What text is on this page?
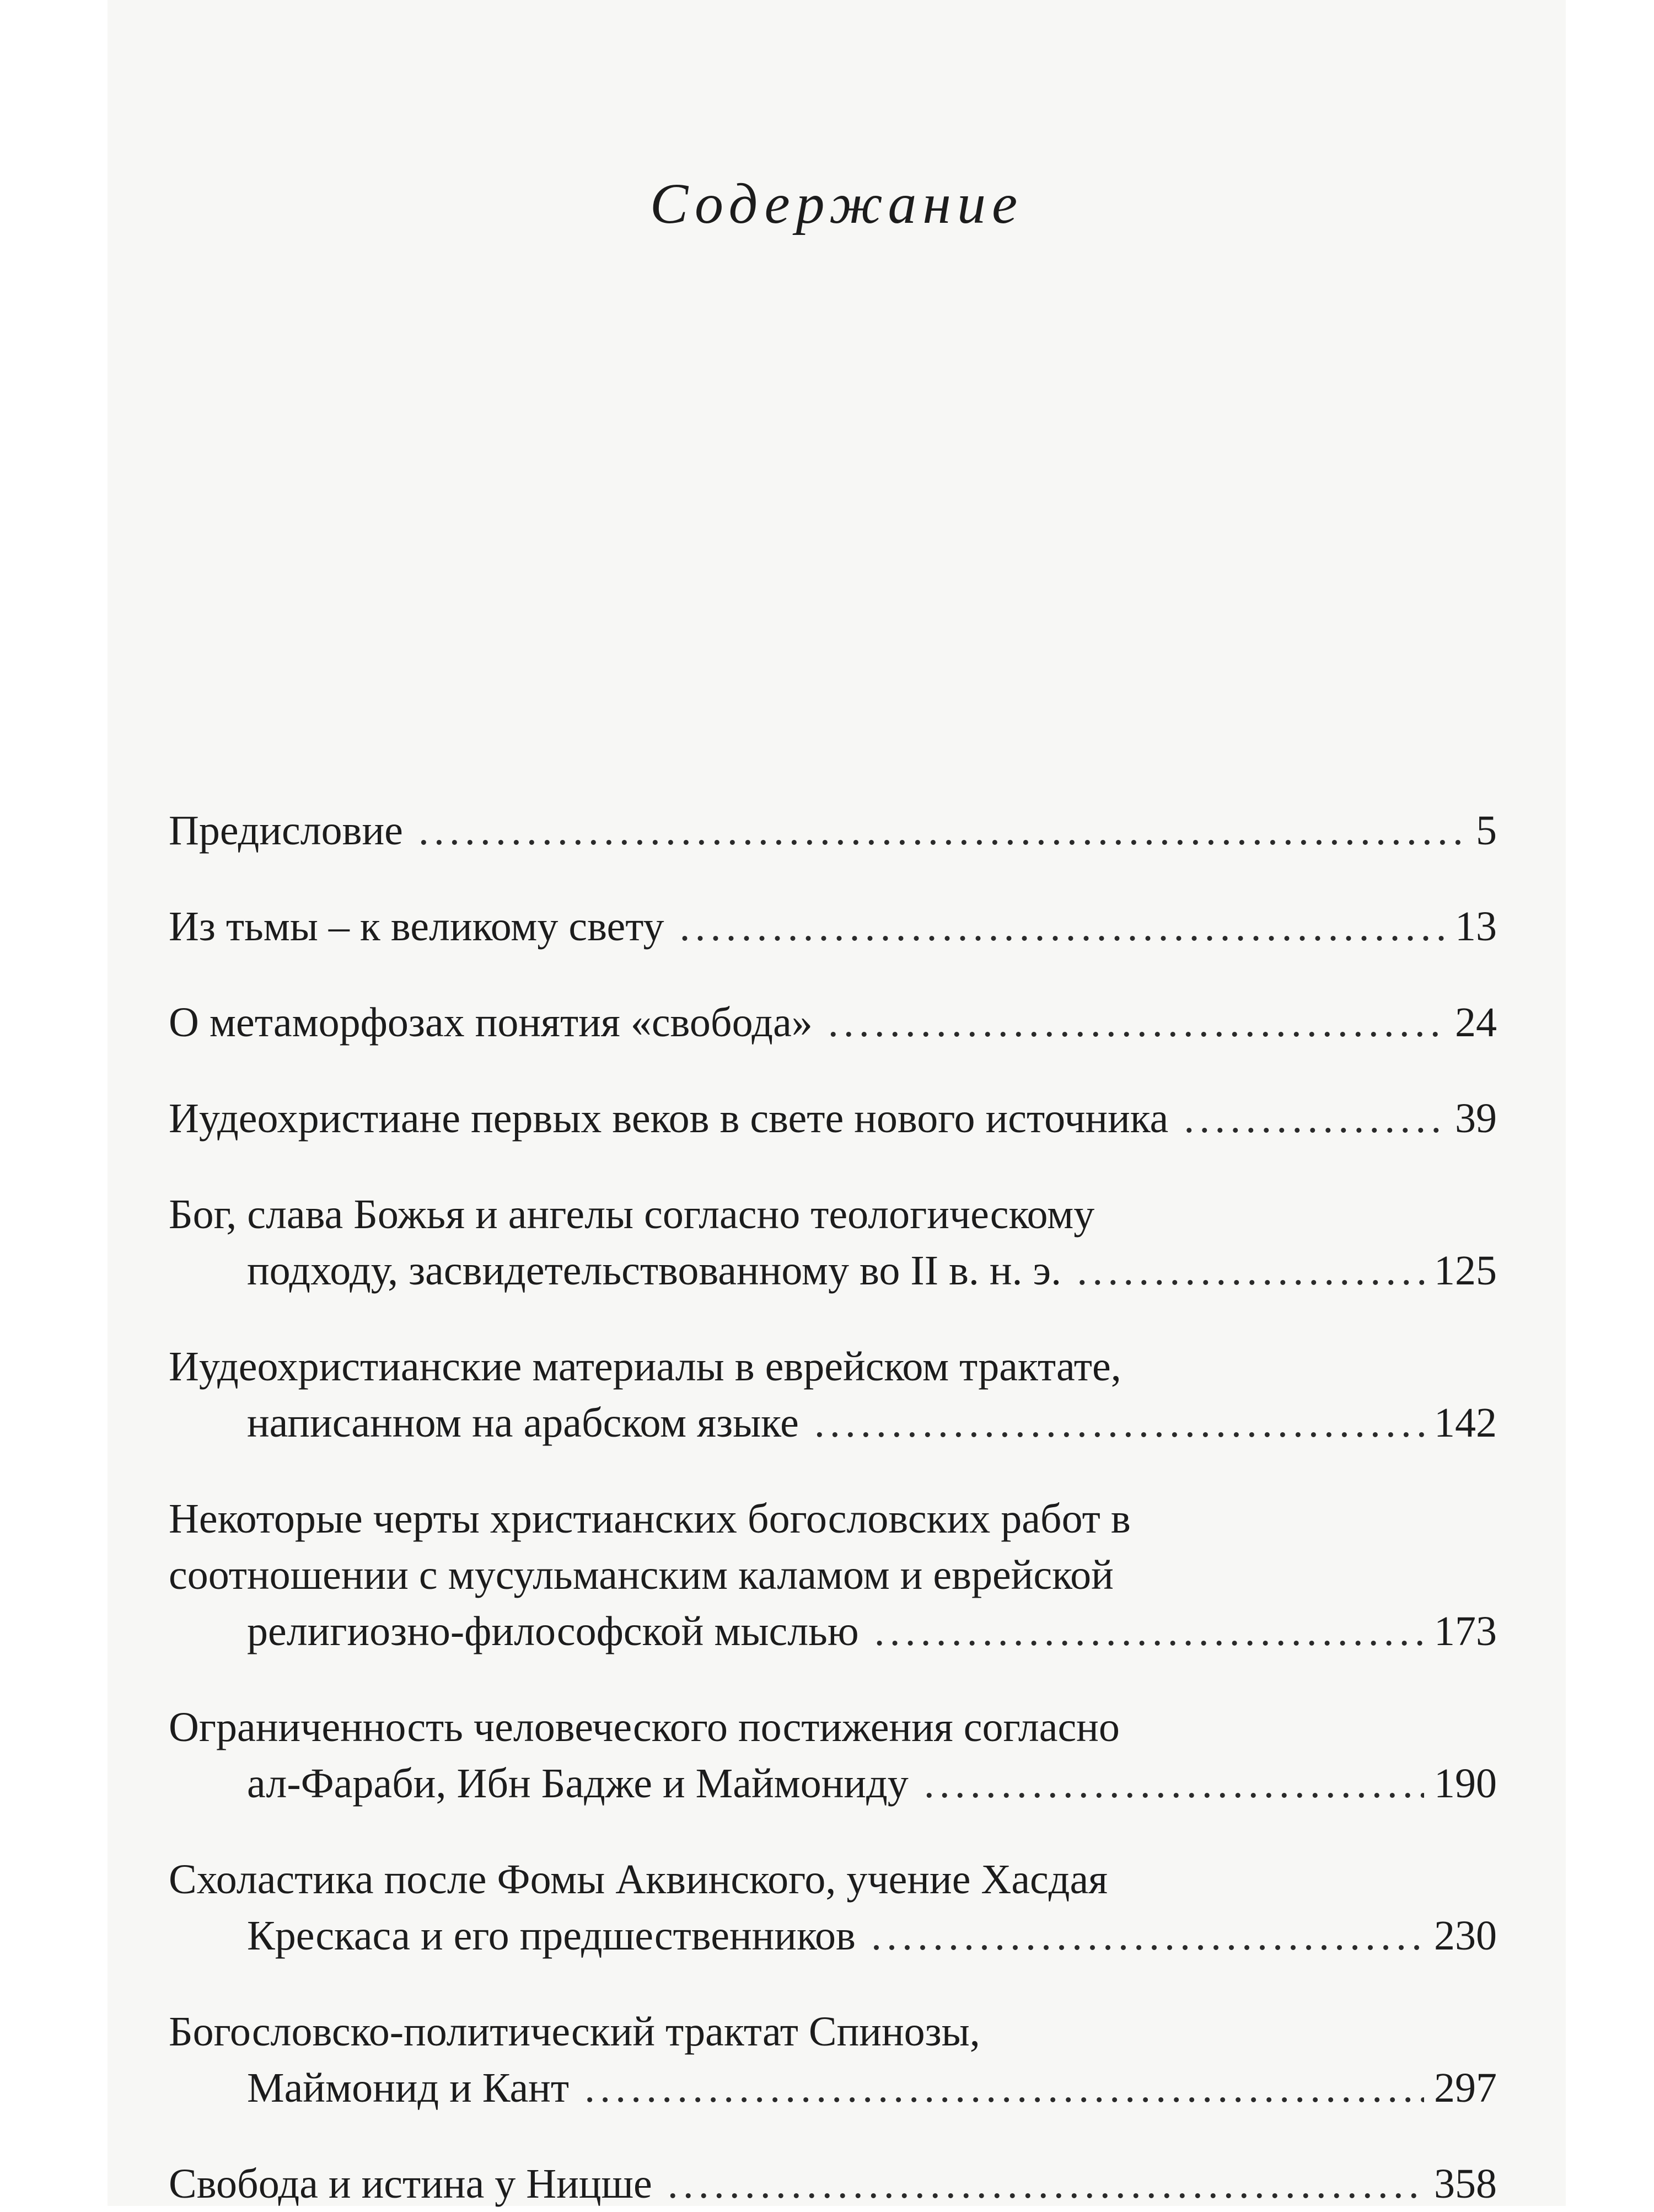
Содержание
Предисловие .....	5
Из тьмы – к великому свету .....	13
О метаморфозах понятия «свобода» .....	24
Иудеохристиане первых веков в свете нового источника .....	39
Бог, слава Божья и ангелы согласно теологическому
подходу, засвидетельствованному во II в. н. э. .....	125
Иудеохристианские материалы в еврейском трактате,
написанном на арабском языке .....	142
Некоторые черты христианских богословских работ в
соотношении с мусульманским каламом и еврейской
религиозно-философской мыслью .....	173
Ограниченность человеческого постижения согласно
ал-Фараби, Ибн Бадже и Маймониду .....	190
Схоластика после Фомы Аквинского, учение Хасдая
Крескаса и его предшественников .....	230
Богословско-политический трактат Спинозы,
Маймонид и Кант .....	297
Свобода и истина у Ницше .....	358
